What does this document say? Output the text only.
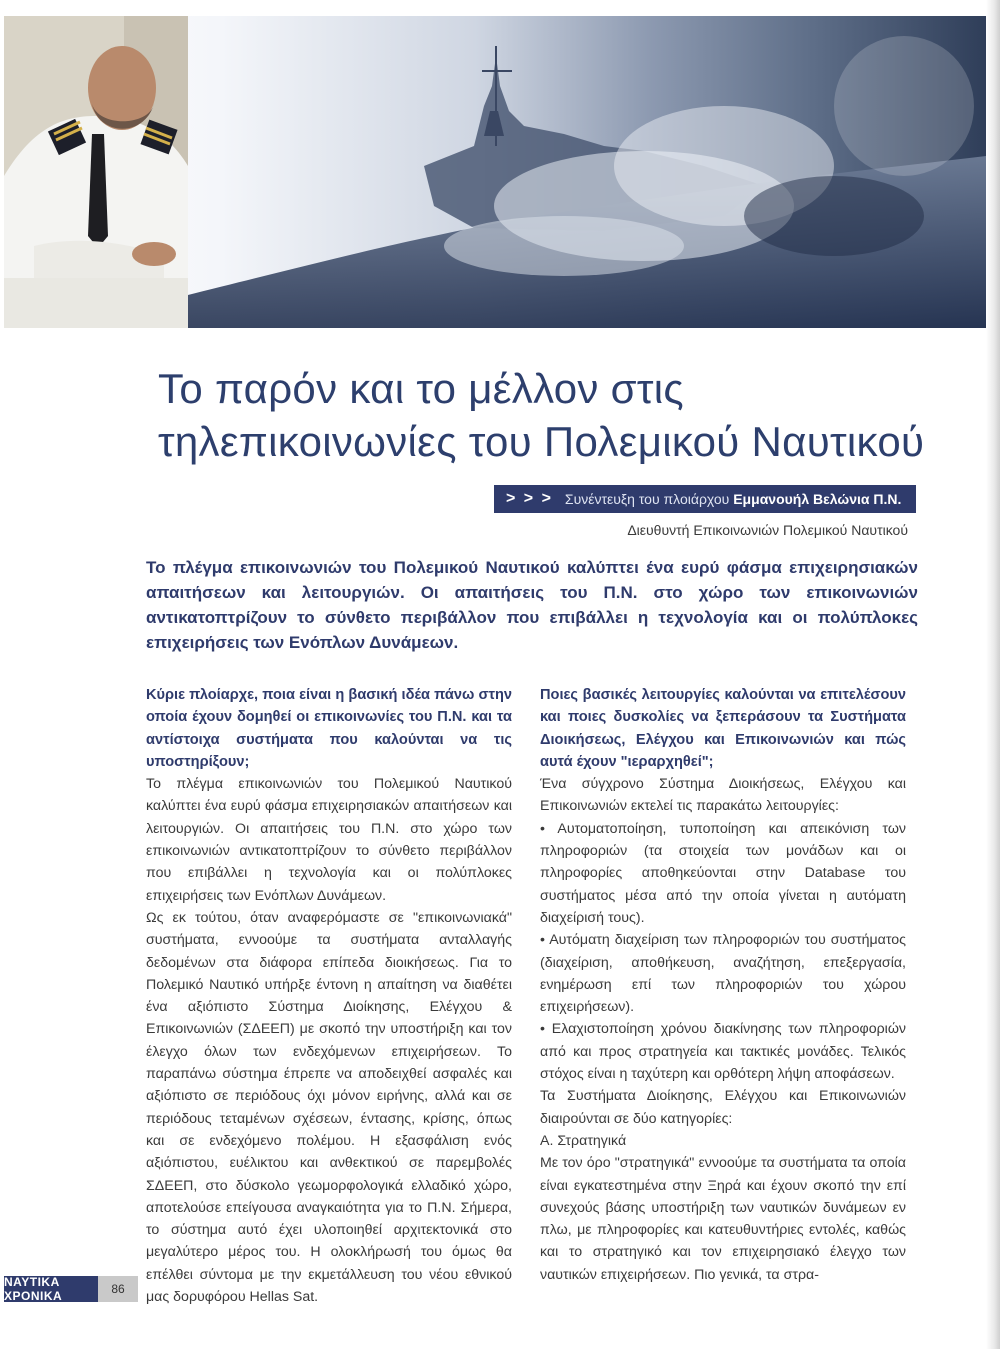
Το παρόν και το μέλλον στις τηλεπικοινωνίες του Πολεμικού Ναυτικού
> > > Συνέντευξη του πλοιάρχου
Εμμανουήλ Βελώνια Π.Ν.
Διευθυντή Επικοινωνιών Πολεμικού Ναυτικού

Το πλέγμα επικοινωνιών του Πολεμικού Ναυτικού καλύπτει ένα ευρύ φάσμα επιχειρησιακών απαιτήσεων και λειτουργιών. Οι απαιτήσεις του Π.Ν. στο χώρο των επικοινωνιών αντικατοπτρίζουν το σύνθετο περιβάλλον που επιβάλλει η τεχνολογία και οι πολύπλοκες επιχειρήσεις των Ενόπλων Δυνάμεων.

Κύριε πλοίαρχε, ποια είναι η βασική ιδέα πάνω στην οποία έχουν δομηθεί οι επικοινωνίες του Π.Ν. και τα αντίστοιχα συστήματα που καλούνται να τις υποστηρίξουν;

Το πλέγμα επικοινωνιών του Πολεμικού Ναυτικού καλύπτει ένα ευρύ φάσμα επιχειρησιακών απαιτήσεων και λειτουργιών. Οι απαιτήσεις του Π.Ν. στο χώρο των επικοινωνιών αντικατοπτρίζουν το σύνθετο περιβάλλον που επιβάλλει η τεχνολογία και οι πολύπλοκες επιχειρήσεις των Ενόπλων Δυνάμεων.

Ως εκ τούτου, όταν αναφερόμαστε σε "επικοινωνιακά" συστήματα, εννοούμε τα συστήματα ανταλλαγής δεδομένων στα διάφορα επίπεδα διοικήσεως. Για το Πολεμικό Ναυτικό υπήρξε έντονη η απαίτηση να διαθέτει ένα αξιόπιστο Σύστημα Διοίκησης, Ελέγχου & Επικοινωνιών (ΣΔΕΕΠ) με σκοπό την υποστήριξη και τον έλεγχο όλων των ενδεχόμενων επιχειρήσεων. Το παραπάνω σύστημα έπρεπε να αποδειχθεί ασφαλές και αξιόπιστο σε περιόδους όχι μόνον ειρήνης, αλλά και σε περιόδους τεταμένων σχέσεων, έντασης, κρίσης, όπως και σε ενδεχόμενο πολέμου. Η εξασφάλιση ενός αξιόπιστου, ευέλικτου και ανθεκτικού σε παρεμβολές ΣΔΕΕΠ, στο δύσκολο γεωμορφολογικά ελλαδικό χώρο, αποτελούσε επείγουσα αναγκαιότητα για το Π.Ν. Σήμερα, το σύστημα αυτό έχει υλοποιηθεί αρχιτεκτονικά στο μεγαλύτερο μέρος του. Η ολοκλήρωσή του όμως θα επέλθει σύντομα με την εκμετάλλευση του νέου εθνικού μας δορυφόρου Hellas Sat.

Ποιες βασικές λειτουργίες καλούνται να επιτελέσουν και ποιες δυσκολίες να ξεπεράσουν τα Συστήματα Διοικήσεως, Ελέγχου και Επικοινωνιών και πώς αυτά έχουν "ιεραρχηθεί";

Ένα σύγχρονο Σύστημα Διοικήσεως, Ελέγχου και Επικοινωνιών εκτελεί τις παρακάτω λειτουργίες:

• Αυτοματοποίηση, τυποποίηση και απεικόνιση των πληροφοριών (τα στοιχεία των μονάδων και οι πληροφορίες αποθηκεύονται στην Database του συστήματος μέσα από την οποία γίνεται η αυτόματη διαχείρισή τους).

• Αυτόματη διαχείριση των πληροφοριών του συστήματος (διαχείριση, αποθήκευση, αναζήτηση, επεξεργασία, ενημέρωση επί των πληροφοριών του χώρου επιχειρήσεων).

• Ελαχιστοποίηση χρόνου διακίνησης των πληροφοριών από και προς στρατηγεία και τακτικές μονάδες. Τελικός στόχος είναι η ταχύτερη και ορθότερη λήψη αποφάσεων.

Τα Συστήματα Διοίκησης, Ελέγχου και Επικοινωνιών διαιρούνται σε δύο κατηγορίες:

Α. Στρατηγικά

Με τον όρο "στρατηγικά" εννοούμε τα συστήματα τα οποία είναι εγκατεστημένα στην Ξηρά και έχουν σκοπό την επί συνεχούς βάσης υποστήριξη των ναυτικών δυνάμεων εν πλω, με πληροφορίες και κατευθυντήριες εντολές, καθώς και το στρατηγικό και τον επιχειρησιακό έλεγχο των ναυτικών επιχειρήσεων. Πιο γενικά, τα στρα-

ΝΑΥΤΙΚΑ ΧΡΟΝΙΚΑ	86
